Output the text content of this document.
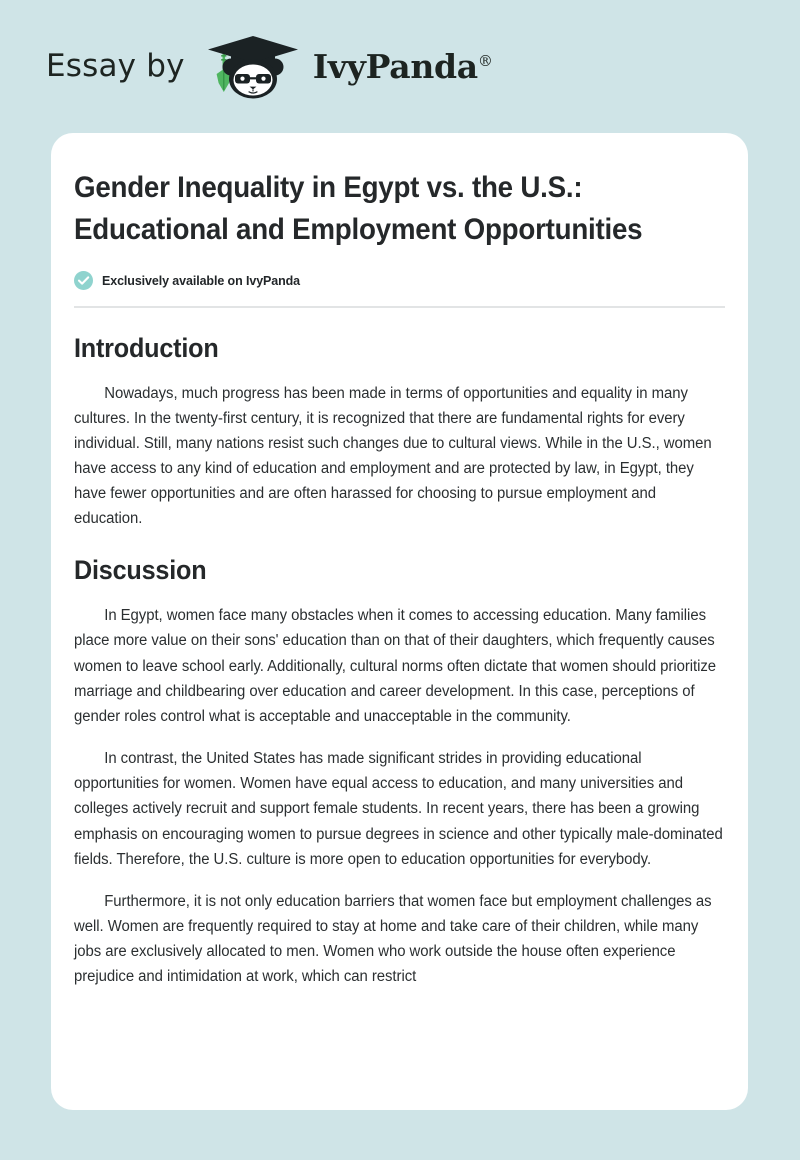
Essay by	IvyPanda®
Gender Inequality in Egypt vs. the U.S.: Educational and Employment Opportunities
Exclusively available on IvyPanda
Introduction

Nowadays, much progress has been made in terms of opportunities and equality in many cultures. In the twenty-first century, it is recognized that there are fundamental rights for every individual. Still, many nations resist such changes due to cultural views. While in the U.S., women have access to any kind of education and employment and are protected by law, in Egypt, they have fewer opportunities and are often harassed for choosing to pursue employment and education.

Discussion

In Egypt, women face many obstacles when it comes to accessing education. Many families place more value on their sons' education than on that of their daughters, which frequently causes women to leave school early. Additionally, cultural norms often dictate that women should prioritize marriage and childbearing over education and career development. In this case, perceptions of gender roles control what is acceptable and unacceptable in the community.

In contrast, the United States has made significant strides in providing educational opportunities for women. Women have equal access to education, and many universities and colleges actively recruit and support female students. In recent years, there has been a growing emphasis on encouraging women to pursue degrees in science and other typically male-dominated fields. Therefore, the U.S. culture is more open to education opportunities for everybody.

Furthermore, it is not only education barriers that women face but employment challenges as well. Women are frequently required to stay at home and take care of their children, while many jobs are exclusively allocated to men. Women who work outside the house often experience prejudice and intimidation at work, which can restrict
